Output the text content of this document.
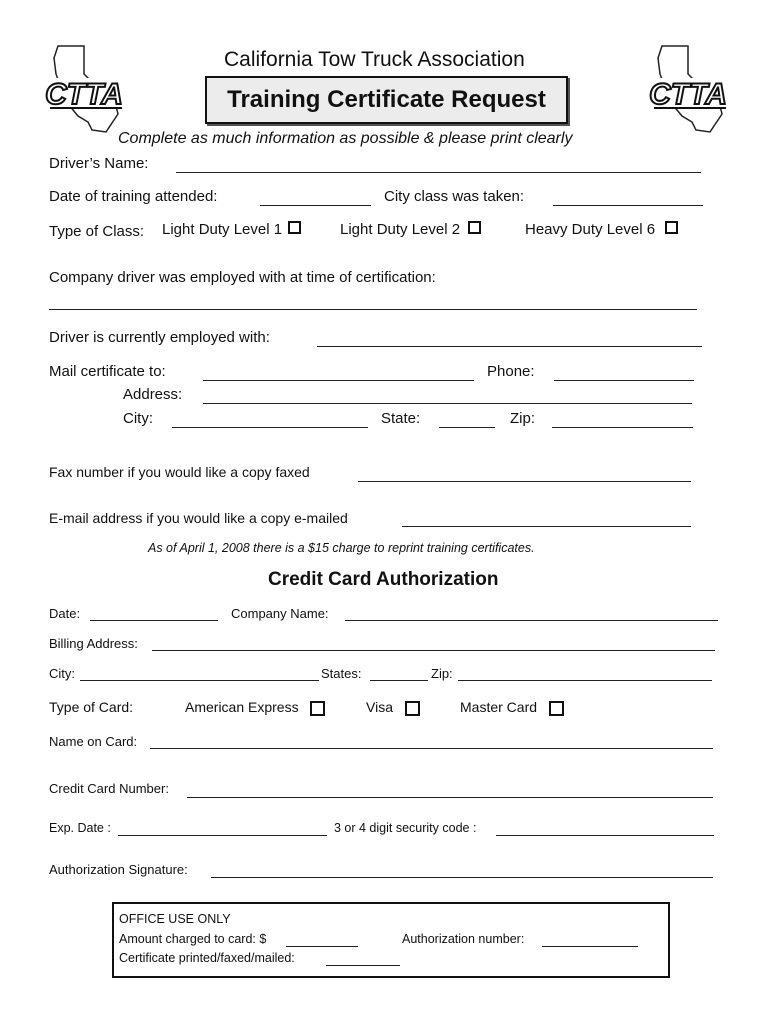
CTTA	CTTA
California Tow Truck Association
Training Certificate Request
Complete as much information as possible & please print clearly
Driver’s Name:
Date of training attended:	City class was taken:
Type of Class: Light Duty Level 1	Light Duty Level 2	Heavy Duty Level 6
Company driver was employed with at time of certification:
Driver is currently employed with:
Mail certificate to:	Phone:
Address:
City:	State:	Zip:
Fax number if you would like a copy faxed
E-mail address if you would like a copy e-mailed
As of April 1, 2008 there is a $15 charge to reprint training certificates.
Credit Card Authorization
Date:	Company Name:
Billing Address:
City:	States:	Zip:
Type of Card:	American Express	Visa	Master Card
Name on Card:
Credit Card Number:
Exp. Date :	3 or 4 digit security code :
Authorization Signature:
OFFICE USE ONLY
Amount charged to card: $	Authorization number:
Certificate printed/faxed/mailed:
